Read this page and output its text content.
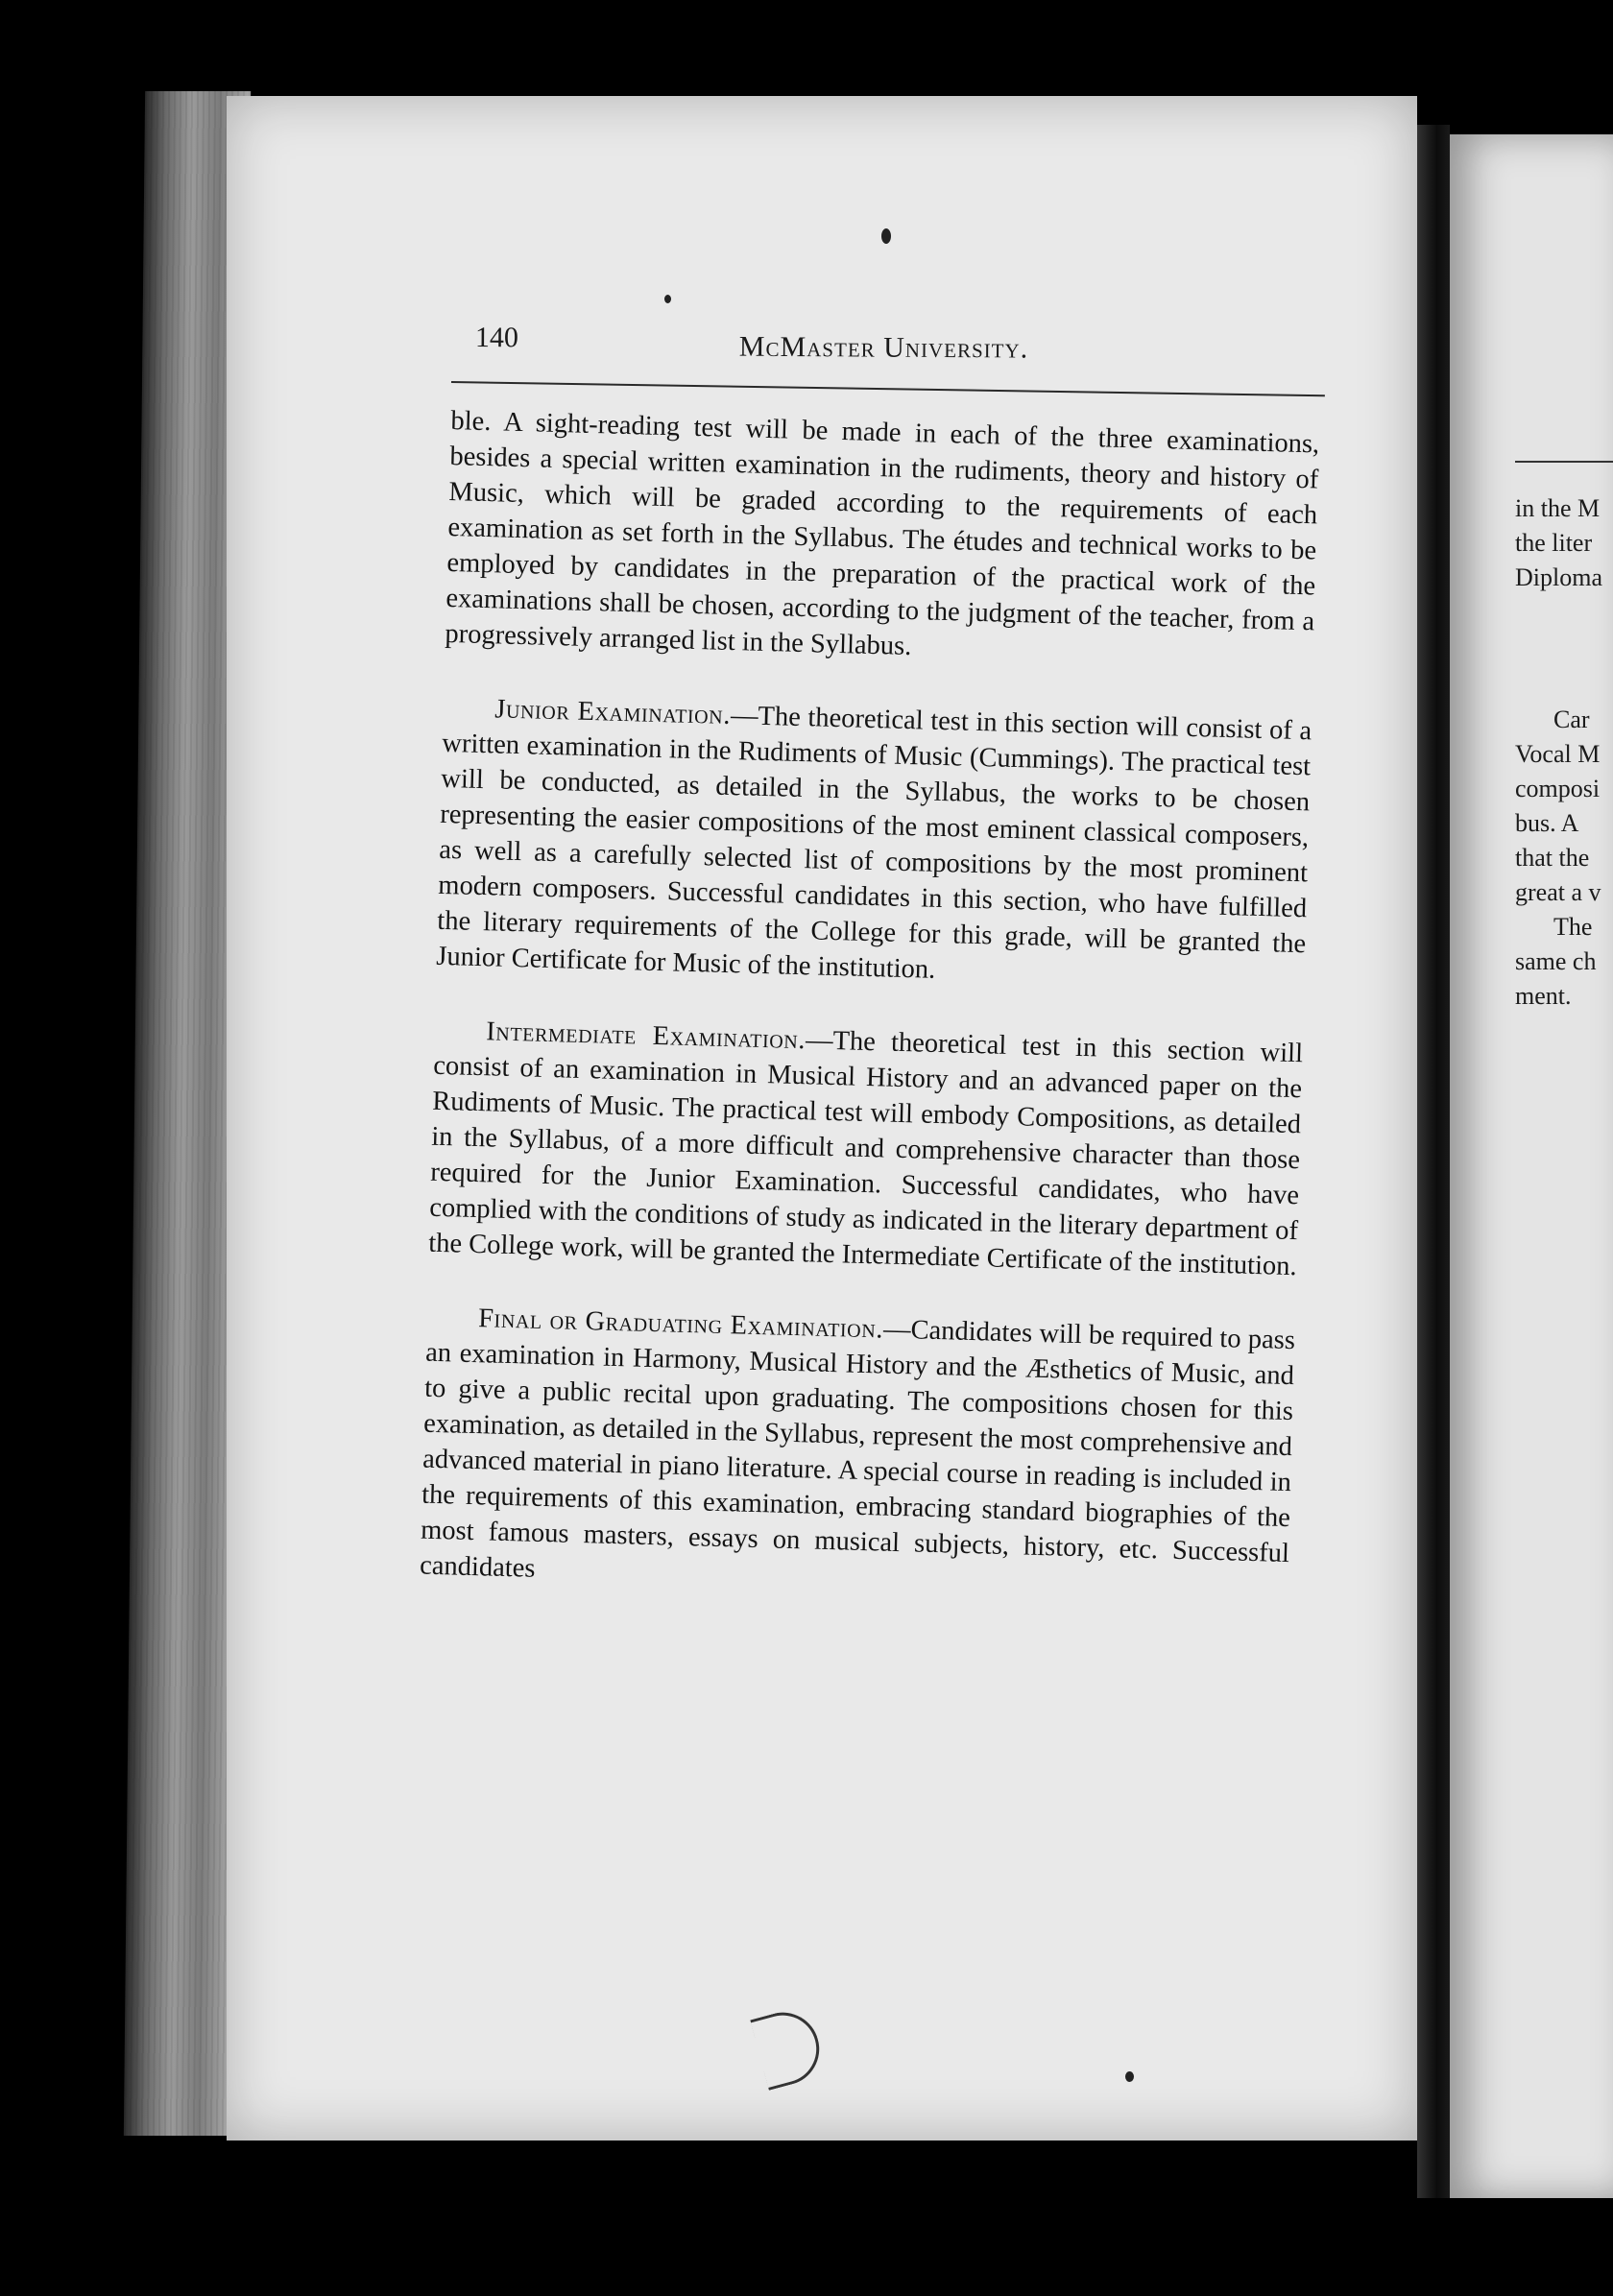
in the M
the liter
Diploma
Car
Vocal M
composi
bus. A
that the
great a v
The
same ch
ment.
140	McMaster University.

ble. A sight-reading test will be made in each of the three examinations, besides a special written examination in the rudiments, theory and history of Music, which will be graded according to the requirements of each examination as set forth in the Syllabus. The études and technical works to be employed by candidates in the preparation of the practical work of the examinations shall be chosen, according to the judgment of the teacher, from a progressively arranged list in the Syllabus.

Junior Examination.—The theoretical test in this section will consist of a written examination in the Rudiments of Music (Cummings). The practical test will be conducted, as detailed in the Syllabus, the works to be chosen representing the easier compositions of the most eminent classical composers, as well as a carefully selected list of compositions by the most prominent modern composers. Successful candidates in this section, who have fulfilled the literary requirements of the College for this grade, will be granted the Junior Certificate for Music of the institution.

Intermediate Examination.—The theoretical test in this section will consist of an examination in Musical History and an advanced paper on the Rudiments of Music. The practical test will embody Compositions, as detailed in the Syllabus, of a more difficult and comprehensive character than those required for the Junior Examination. Successful candidates, who have complied with the conditions of study as indicated in the literary department of the College work, will be granted the Intermediate Certificate of the institution.

Final or Graduating Examination.—Candidates will be required to pass an examination in Harmony, Musical History and the Æsthetics of Music, and to give a public recital upon graduating. The compositions chosen for this examination, as detailed in the Syllabus, represent the most comprehensive and advanced material in piano literature. A special course in reading is included in the requirements of this examination, embracing standard biographies of the most famous masters, essays on musical subjects, history, etc. Successful candidates
